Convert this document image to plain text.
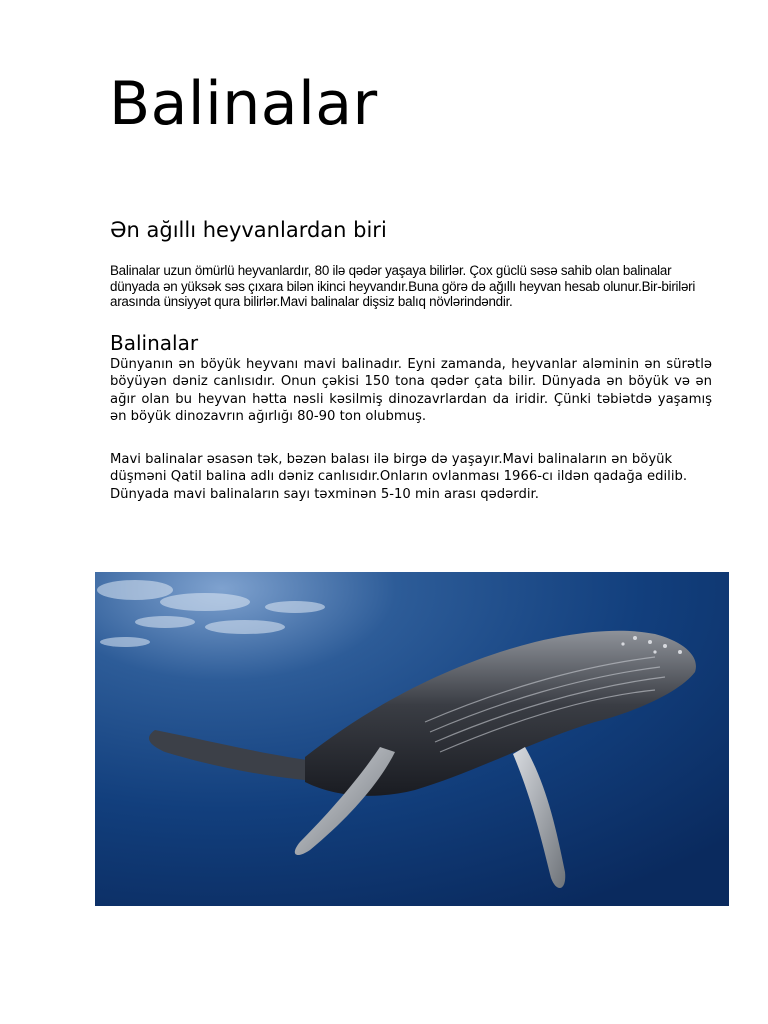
Balinalar
Ən ağıllı heyvanlardan biri

Balinalar uzun ömürlü heyvanlardır, 80 ilə qədər yaşaya bilirlər. Çox güclü səsə sahib olan balinalar dünyada ən yüksək səs çıxara bilən ikinci heyvandır.Buna görə də ağıllı heyvan hesab olunur.Bir-biriləri arasında ünsiyyət qura bilirlər.Mavi balinalar dişsiz balıq növlərindəndir.

Balinalar

Dünyanın ən böyük heyvanı mavi balinadır. Eyni zamanda, heyvanlar aləminin ən sürətlə böyüyən dəniz canlısıdır. Onun çəkisi 150 tona qədər çata bilir. Dünyada ən böyük və ən ağır olan bu heyvan hətta nəsli kəsilmiş dinozavrlardan da iridir. Çünki təbiətdə yaşamış ən böyük dinozavrın ağırlığı 80-90 ton olubmuş.

Mavi balinalar əsasən tək, bəzən balası ilə birgə də yaşayır.Mavi balinaların ən böyük düşməni Qatil balina adlı dəniz canlısıdır.Onların ovlanması 1966-cı ildən qadağa edilib. Dünyada mavi balinaların sayı təxminən 5-10 min arası qədərdir.
